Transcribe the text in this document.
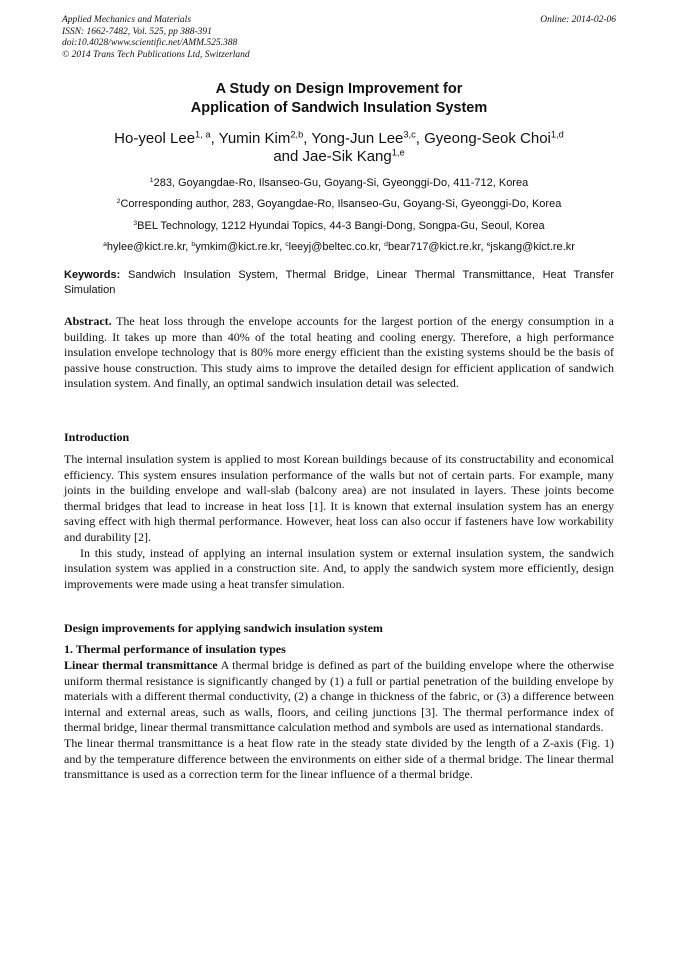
Applied Mechanics and Materials
ISSN: 1662-7482, Vol. 525, pp 388-391
doi:10.4028/www.scientific.net/AMM.525.388
© 2014 Trans Tech Publications Ltd, Switzerland
Online: 2014-02-06
A Study on Design Improvement for
Application of Sandwich Insulation System
Ho-yeol Lee$^{1, a}$, Yumin Kim$^{2,b}$, Yong-Jun Lee$^{3,c}$, Gyeong-Seok Choi$^{1,d}$
and Jae-Sik Kang$^{1,e}$
$^1$283, Goyangdae-Ro, Ilsanseo-Gu, Goyang-Si, Gyeonggi-Do, 411-712, Korea
$^2$Corresponding author, 283, Goyangdae-Ro, Ilsanseo-Gu, Goyang-Si, Gyeonggi-Do, Korea
$^3$BEL Technology, 1212 Hyundai Topics, 44-3 Bangi-Dong, Songpa-Gu, Seoul, Korea
$^a$hylee@kict.re.kr, $^b$ymkim@kict.re.kr, $^c$leeyj@beltec.co.kr, $^d$bear717@kict.re.kr, $^e$jskang@kict.re.kr
Keywords: Sandwich Insulation System, Thermal Bridge, Linear Thermal Transmittance, Heat Transfer Simulation

Abstract. The heat loss through the envelope accounts for the largest portion of the energy consumption in a building. It takes up more than 40% of the total heating and cooling energy. Therefore, a high performance insulation envelope technology that is 80% more energy efficient than the existing systems should be the basis of passive house construction. This study aims to improve the detailed design for efficient application of sandwich insulation system. And finally, an optimal sandwich insulation detail was selected.

Introduction

The internal insulation system is applied to most Korean buildings because of its constructability and economical efficiency. This system ensures insulation performance of the walls but not of certain parts. For example, many joints in the building envelope and wall-slab (balcony area) are not insulated in layers. These joints become thermal bridges that lead to increase in heat loss [1]. It is known that external insulation system has an energy saving effect with high thermal performance. However, heat loss can also occur if fasteners have low workability and durability [2].

In this study, instead of applying an internal insulation system or external insulation system, the sandwich insulation system was applied in a construction site. And, to apply the sandwich system more efficiently, design improvements were made using a heat transfer simulation.

Design improvements for applying sandwich insulation system
1. Thermal performance of insulation types

Linear thermal transmittance A thermal bridge is defined as part of the building envelope where the otherwise uniform thermal resistance is significantly changed by (1) a full or partial penetration of the building envelope by materials with a different thermal conductivity, (2) a change in thickness of the fabric, or (3) a difference between internal and external areas, such as walls, floors, and ceiling junctions [3]. The thermal performance index of thermal bridge, linear thermal transmittance calculation method and symbols are used as international standards.

The linear thermal transmittance is a heat flow rate in the steady state divided by the length of a Z-axis (Fig. 1) and by the temperature difference between the environments on either side of a thermal bridge. The linear thermal transmittance is used as a correction term for the linear influence of a thermal bridge.
